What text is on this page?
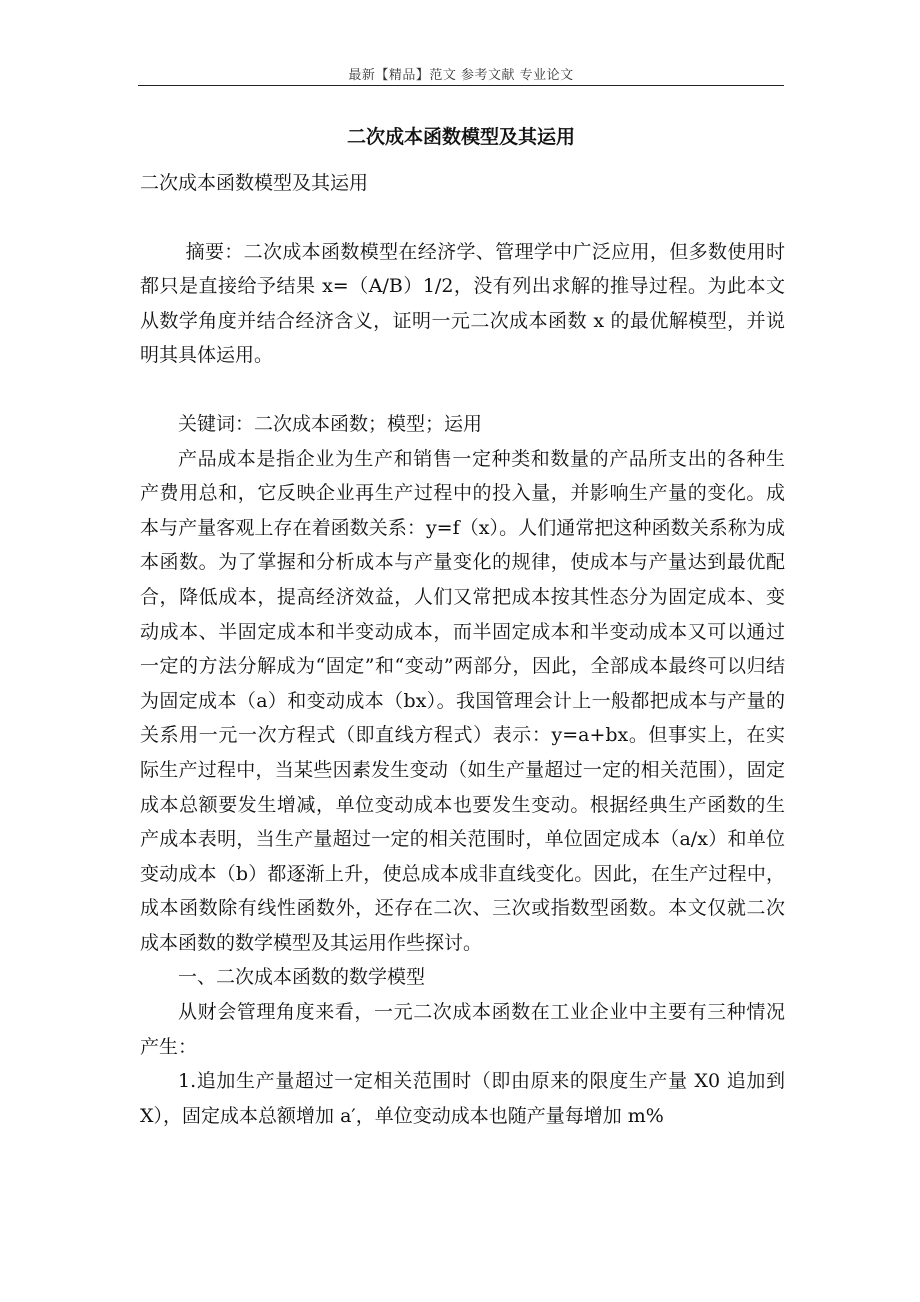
最新【精品】范文 参考文献 专业论文
二次成本函数模型及其运用

二次成本函数模型及其运用

摘要：二次成本函数模型在经济学、管理学中广泛应用，但多数使用时都只是直接给予结果 x=（A/B）1/2，没有列出求解的推导过程。为此本文从数学角度并结合经济含义，证明一元二次成本函数 x 的最优解模型，并说明其具体运用。

关键词：二次成本函数；模型；运用

产品成本是指企业为生产和销售一定种类和数量的产品所支出的各种生产费用总和，它反映企业再生产过程中的投入量，并影响生产量的变化。成本与产量客观上存在着函数关系：y=f（x）。人们通常把这种函数关系称为成本函数。为了掌握和分析成本与产量变化的规律，使成本与产量达到最优配合，降低成本，提高经济效益，人们又常把成本按其性态分为固定成本、变动成本、半固定成本和半变动成本，而半固定成本和半变动成本又可以通过一定的方法分解成为“固定”和“变动”两部分，因此，全部成本最终可以归结为固定成本（a）和变动成本（bx）。我国管理会计上一般都把成本与产量的关系用一元一次方程式（即直线方程式）表示：y=a+bx。但事实上，在实际生产过程中，当某些因素发生变动（如生产量超过一定的相关范围），固定成本总额要发生增减，单位变动成本也要发生变动。根据经典生产函数的生产成本表明，当生产量超过一定的相关范围时，单位固定成本（a/x）和单位变动成本（b）都逐渐上升，使总成本成非直线变化。因此，在生产过程中，成本函数除有线性函数外，还存在二次、三次或指数型函数。本文仅就二次成本函数的数学模型及其运用作些探讨。

一、二次成本函数的数学模型

从财会管理角度来看，一元二次成本函数在工业企业中主要有三种情况产生：

1.追加生产量超过一定相关范围时（即由原来的限度生产量 X0 追加到 X），固定成本总额增加 a′，单位变动成本也随产量每增加 m%
